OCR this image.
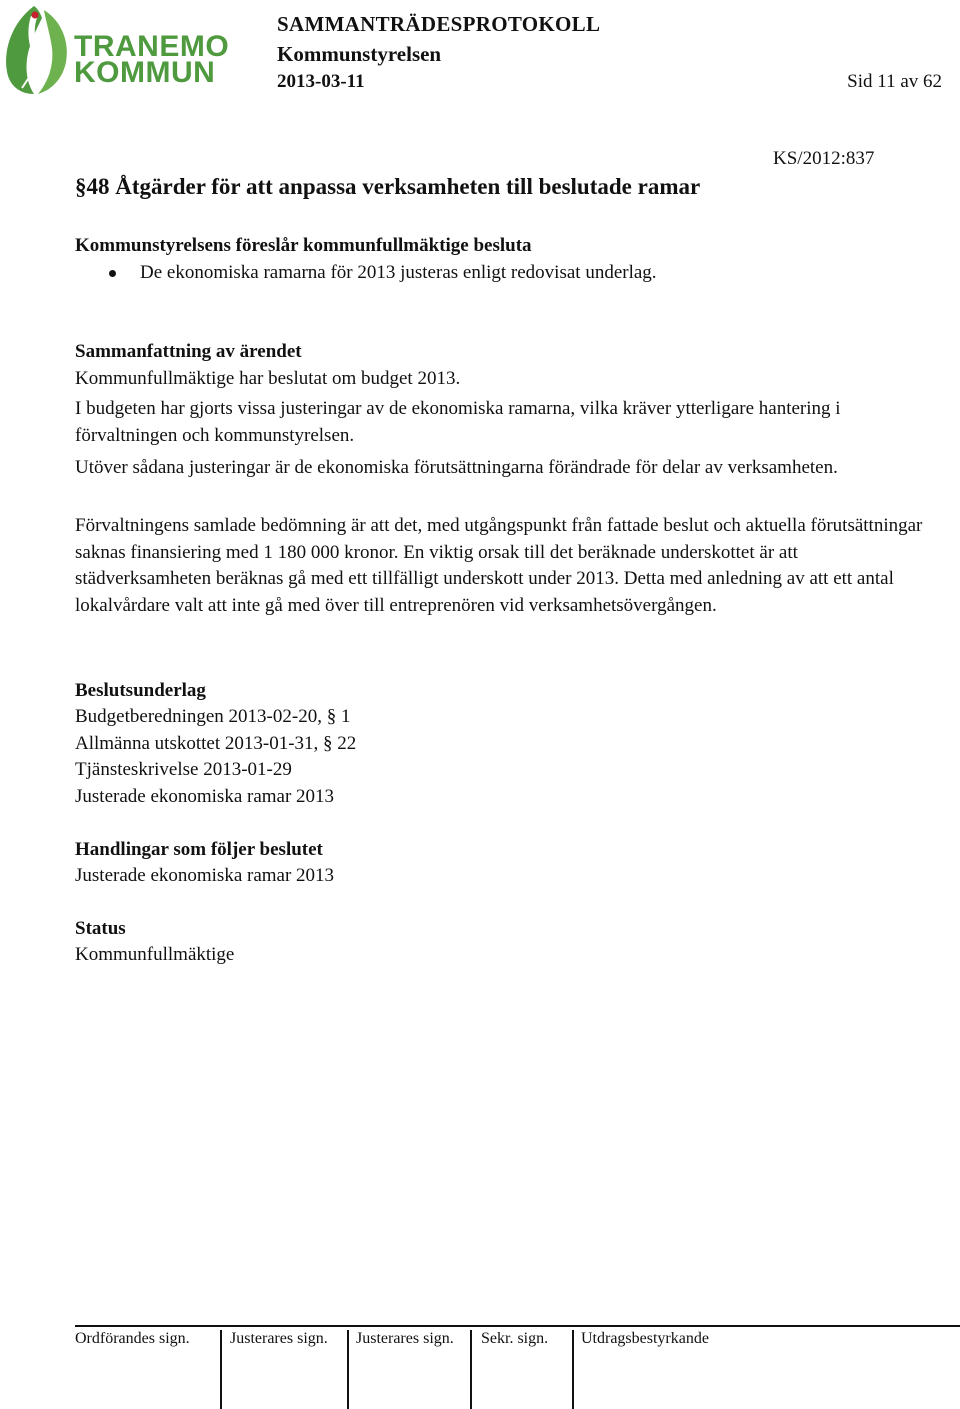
TRANEMO
KOMMUN
SAMMANTRÄDESPROTOKOLL
Kommunstyrelsen
2013-03-11	Sid 11 av 62
KS/2012:837
§48 Åtgärder för att anpassa verksamheten till beslutade ramar
Kommunstyrelsens föreslår kommunfullmäktige besluta
De ekonomiska ramarna för 2013 justeras enligt redovisat underlag.
Sammanfattning av ärendet
Kommunfullmäktige har beslutat om budget 2013.
I budgeten har gjorts vissa justeringar av de ekonomiska ramarna, vilka kräver ytterligare hantering i förvaltningen och kommunstyrelsen.
Utöver sådana justeringar är de ekonomiska förutsättningarna förändrade för delar av verksamheten.
Förvaltningens samlade bedömning är att det, med utgångspunkt från fattade beslut och aktuella förutsättningar saknas finansiering med 1 180 000 kronor. En viktig orsak till det beräknade underskottet är att städverksamheten beräknas gå med ett tillfälligt underskott under 2013. Detta med anledning av att ett antal lokalvårdare valt att inte gå med över till entreprenören vid verksamhetsövergången.
Beslutsunderlag
Budgetberedningen 2013-02-20, § 1
Allmänna utskottet 2013-01-31, § 22
Tjänsteskrivelse 2013-01-29
Justerade ekonomiska ramar 2013
Handlingar som följer beslutet
Justerade ekonomiska ramar 2013
Status
Kommunfullmäktige
Ordförandes sign.	Justerares sign. Justerares sign. Sekr. sign. Utdragsbestyrkande
